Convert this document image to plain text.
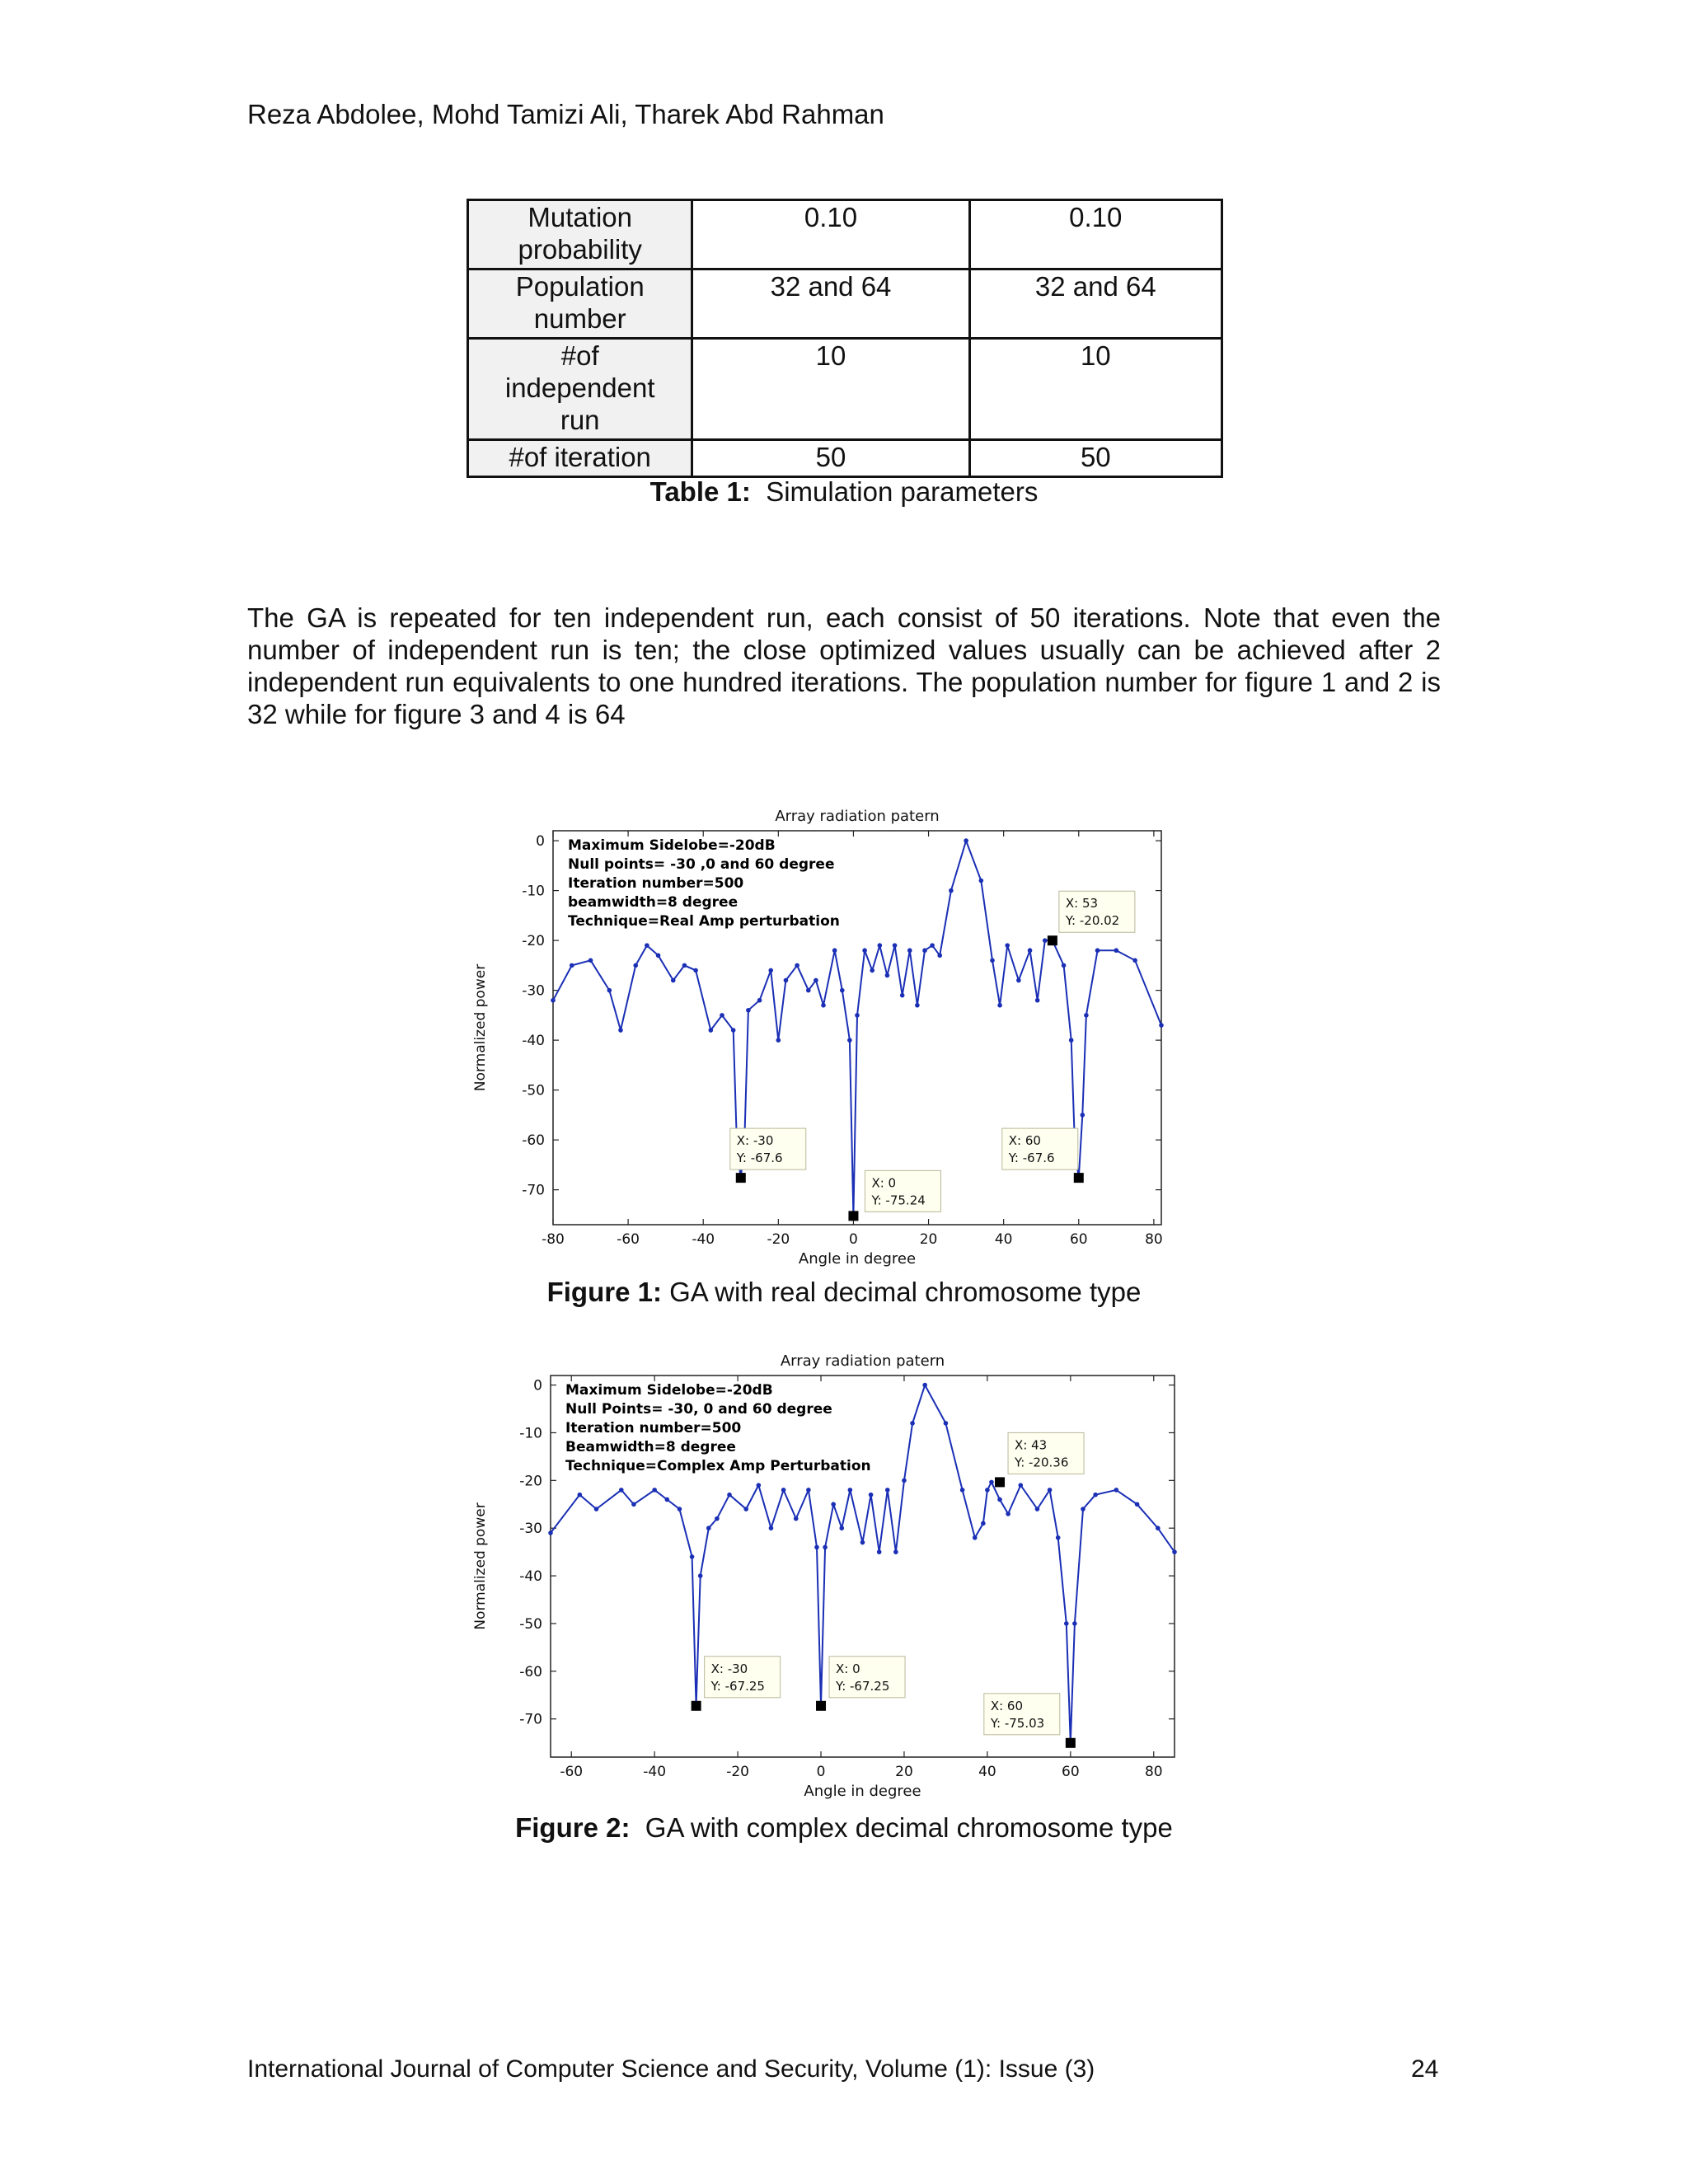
Reza Abdolee, Mohd Tamizi Ali, Tharek Abd Rahman
Mutation
probability	0.10	0.10

Population
number	32 and 64	32 and 64

#of
independent
run	10	10

#of iteration	50	50
Table 1: Simulation parameters
The GA is repeated for ten independent run, each consist of 50 iterations. Note that even the number of independent run is ten; the close optimized values usually can be achieved after 2 independent run equivalents to one hundred iterations. The population number for figure 1 and 2 is 32 while for figure 3 and 4 is 64
Array radiation patern
-80	-60	-40	-20	0	20	40	60	80
0
-10
-20
-30
-40
-50
-60
-70
Angle in degree
Normalized power
Maximum Sidelobe=-20dB
Null points= -30 ,0 and 60 degree
Iteration number=500
beamwidth=8 degree
Technique=Real Amp perturbation
X: 53
Y: -20.02
X: -30
Y: -67.6
X: 0
Y: -75.24
X: 60
Y: -67.6
Figure 1: GA with real decimal chromosome type
Array radiation patern
-60	-40	-20	0	20	40	60	80
0
-10
-20
-30
-40
-50
-60
-70
Angle in degree
Normalized power
Maximum Sidelobe=-20dB
Null Points= -30, 0 and 60 degree
Iteration number=500
Beamwidth=8 degree
Technique=Complex Amp Perturbation
X: 43
Y: -20.36
X: -30
Y: -67.25
X: 0
Y: -67.25
X: 60
Y: -75.03
Figure 2: GA with complex decimal chromosome type
International Journal of Computer Science and Security, Volume (1): Issue (3)	24
